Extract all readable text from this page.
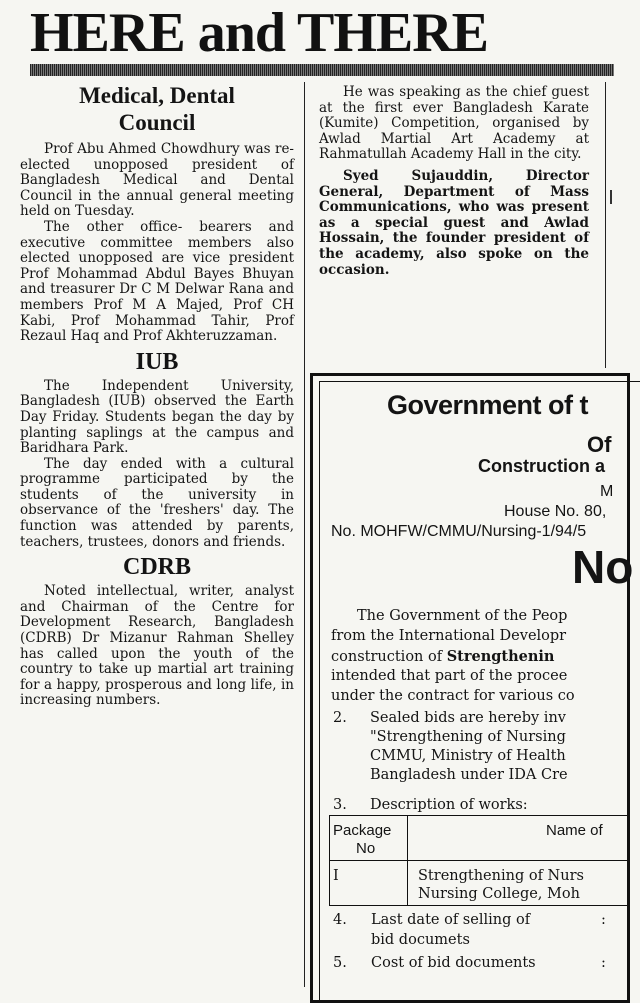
HERE and THERE
Medical, Dental Council

Prof Abu Ahmed Chowdhury was re-elected unopposed president of Bangladesh Medical and Dental Council in the annual general meeting held on Tuesday.

The other office- bearers and executive committee members also elected unopposed are vice president Prof Mohammad Abdul Bayes Bhuyan and treasurer Dr C M Delwar Rana and members Prof M A Majed, Prof CH Kabi, Prof Mohammad Tahir, Prof Rezaul Haq and Prof Akhteruzzaman.

IUB

The Independent University, Bangladesh (IUB) observed the Earth Day Friday. Students began the day by planting saplings at the campus and Baridhara Park.

The day ended with a cultural programme participated by the students of the university in observance of the 'freshers' day. The function was attended by parents, teachers, trustees, donors and friends.

CDRB

Noted intellectual, writer, analyst and Chairman of the Centre for Development Research, Bangladesh (CDRB) Dr Mizanur Rahman Shelley has called upon the youth of the country to take up martial art training for a happy, prosperous and long life, in increasing numbers.

He was speaking as the chief guest at the first ever Bangladesh Karate (Kumite) Competition, organised by Awlad Martial Art Academy at Rahmatullah Academy Hall in the city.

Syed Sujauddin, Director General, Department of Mass Communications, who was present as a special guest and Awlad Hossain, the founder president of the academy, also spoke on the occasion.

Government of t
Of
Construction a
M
House No. 80,
No. MOHFW/CMMU/Nursing-1/94/5
No
The Government of the Peop
from the International Developr
construction of Strengthenin
intended that part of the procee
under the contract for various co
2. Sealed bids are hereby inv
"Strengthening of Nursing
CMMU, Ministry of Health
Bangladesh under IDA Cre
3. Description of works:
Package
No
Name of
I	Strengthening of Nurs
Nursing College, Moh
4. Last date of selling of
bid documets
:
5. Cost of bid documents	:
